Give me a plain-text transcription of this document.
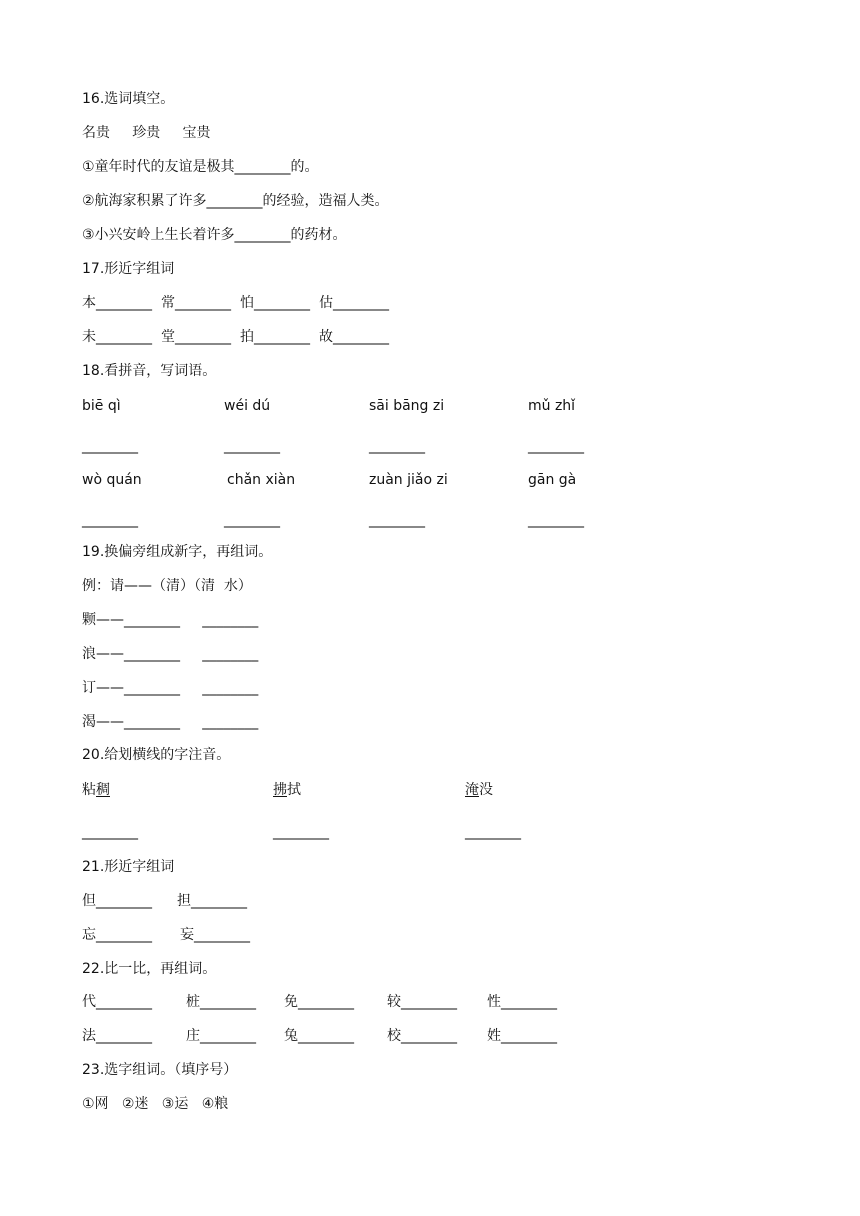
16.选词填空。
名贵     珍贵     宝贵
①童年时代的友谊是极其________的。
②航海家积累了许多________的经验，造福人类。
③小兴安岭上生长着许多________的药材。
17.形近字组词
本________ 常________ 怕________ 估________
未________ 堂________ 拍________ 故________
18.看拼音，写词语。
biē qì	wéi dú	sāi bāng zi	mǔ zhǐ
________	________	________	________
wò quán	chǎn xiàn	zuàn jiǎo zi	gān gà
________	________	________	________
19.换偏旁组成新字，再组词。
例：请——（清）（清  水）
颗——________     ________
浪——________     ________
订——________     ________
渴——________     ________
20.给划横线的字注音。
粘稠	拂拭	淹没
________	________	________
21.形近字组词
但________ 担________
忘________ 妄________
22.比一比，再组词。
代________ 桩________ 免________ 较________ 性________
法________ 庄________ 兔________ 校________ 姓________
23.选字组词。（填序号）
①网   ②迷   ③运   ④粮
